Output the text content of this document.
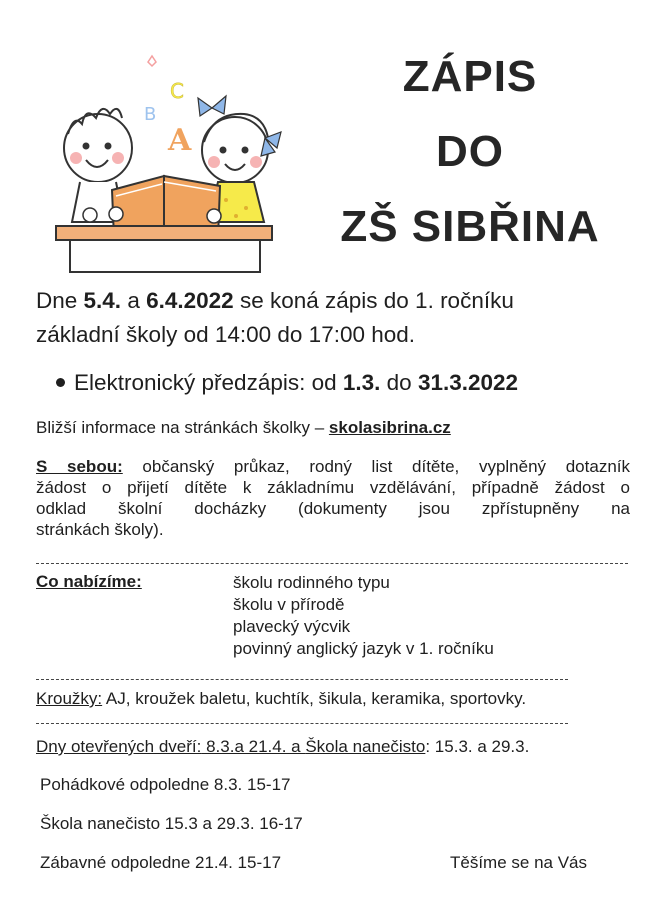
A
B
C	ZÁPIS
DO
ZŠ SIBŘINA
Dne 5.4. a 6.4.2022 se koná zápis do 1. ročníku
základní školy od 14:00 do 17:00 hod.
Elektronický předzápis: od 1.3. do 31.3.2022
Bližší informace na stránkách školky – skolasibrina.cz
S sebou: občanský průkaz, rodný list dítěte, vyplněný dotazník
žádost o přijetí dítěte k základnímu vzdělávání, případně žádost o
odklad školní docházky (dokumenty jsou zpřístupněny na
stránkách školy).
Co nabízíme:	školu rodinného typu
školu v přírodě
plavecký výcvik
povinný anglický jazyk v 1. ročníku
Kroužky: AJ, kroužek baletu, kuchtík, šikula, keramika, sportovky.
Dny otevřených dveří: 8.3.a 21.4. a Škola nanečisto: 15.3. a 29.3.
Pohádkové odpoledne 8.3. 15-17
Škola nanečisto 15.3 a 29.3. 16-17
Zábavné odpoledne 21.4. 15-17	Těšíme se na Vás
